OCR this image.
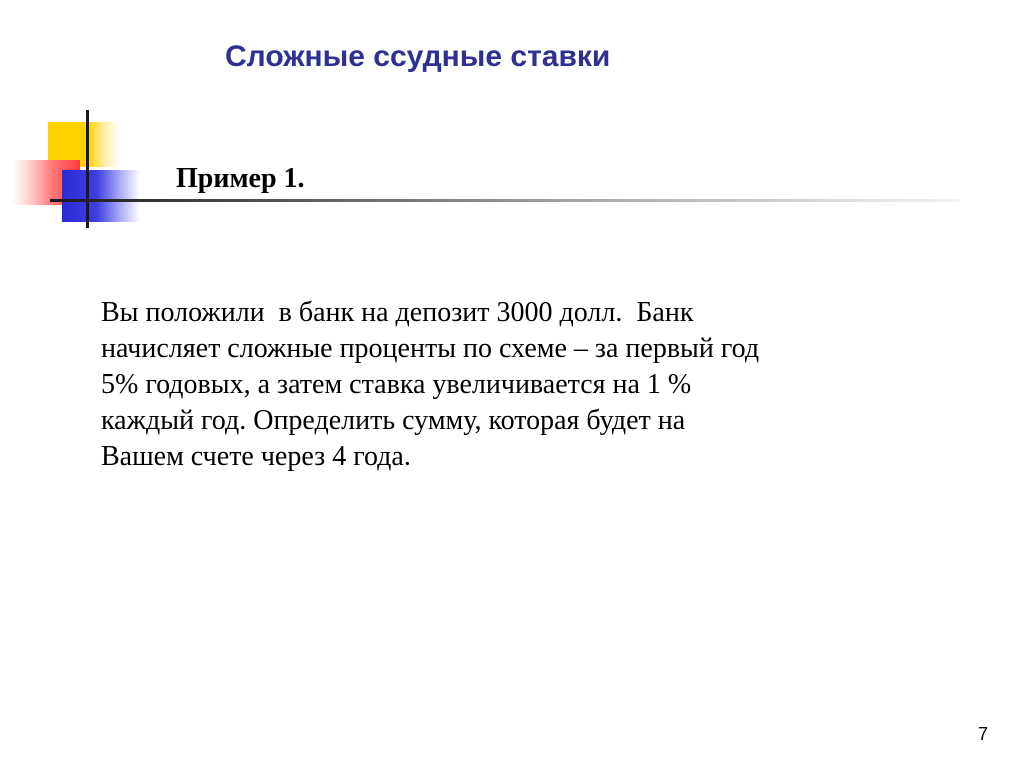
Сложные ссудные ставки
Пример 1.
Вы положили  в банк на депозит 3000 долл.  Банк
начисляет сложные проценты по схеме – за первый год
5% годовых, а затем ставка увеличивается на 1 %
каждый год. Определить сумму, которая будет на
Вашем счете через 4 года.
7
